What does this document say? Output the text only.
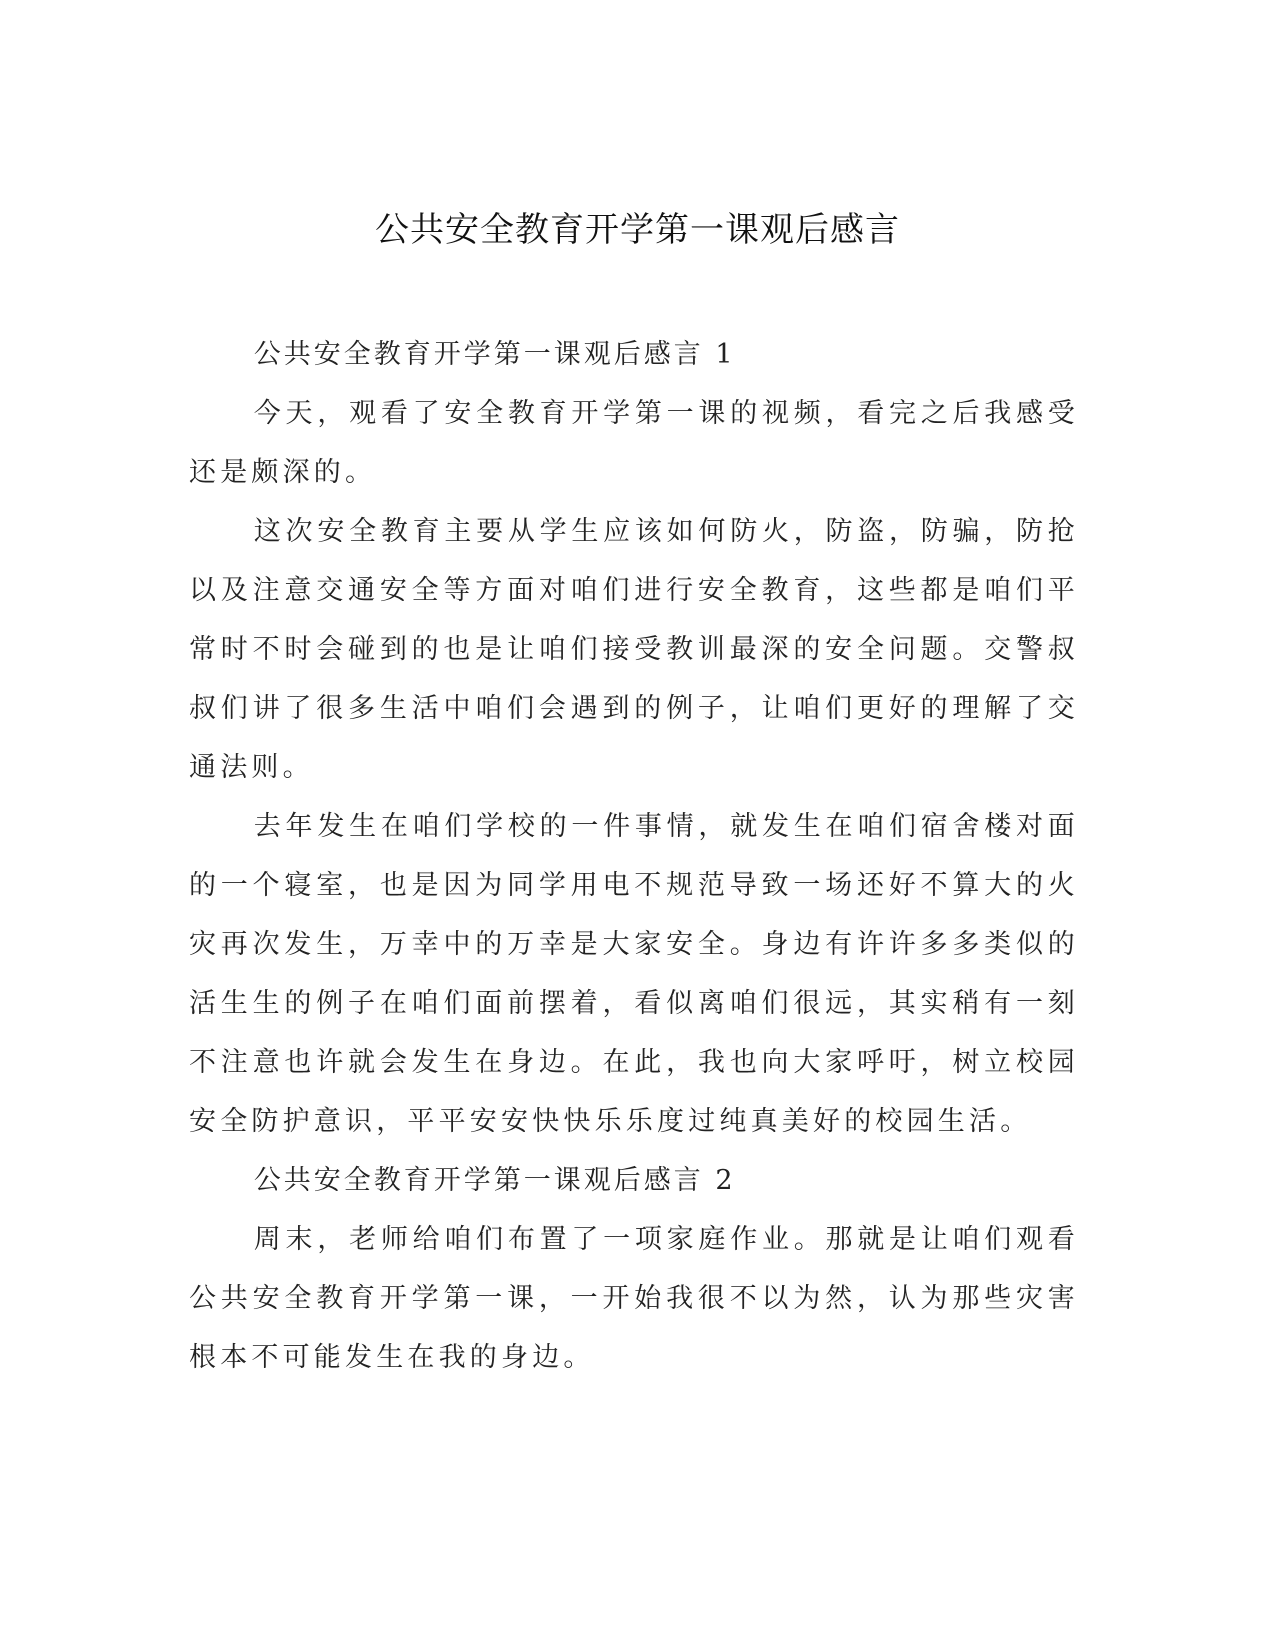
公共安全教育开学第一课观后感言

公共安全教育开学第一课观后感言 1

今天，观看了安全教育开学第一课的视频，看完之后我感受还是颇深的。

这次安全教育主要从学生应该如何防火，防盗，防骗，防抢以及注意交通安全等方面对咱们进行安全教育，这些都是咱们平常时不时会碰到的也是让咱们接受教训最深的安全问题。交警叔叔们讲了很多生活中咱们会遇到的例子，让咱们更好的理解了交通法则。

去年发生在咱们学校的一件事情，就发生在咱们宿舍楼对面的一个寝室，也是因为同学用电不规范导致一场还好不算大的火灾再次发生，万幸中的万幸是大家安全。身边有许许多多类似的活生生的例子在咱们面前摆着，看似离咱们很远，其实稍有一刻不注意也许就会发生在身边。在此，我也向大家呼吁，树立校园安全防护意识，平平安安快快乐乐度过纯真美好的校园生活。

公共安全教育开学第一课观后感言 2

周末，老师给咱们布置了一项家庭作业。那就是让咱们观看公共安全教育开学第一课，一开始我很不以为然，认为那些灾害根本不可能发生在我的身边。
